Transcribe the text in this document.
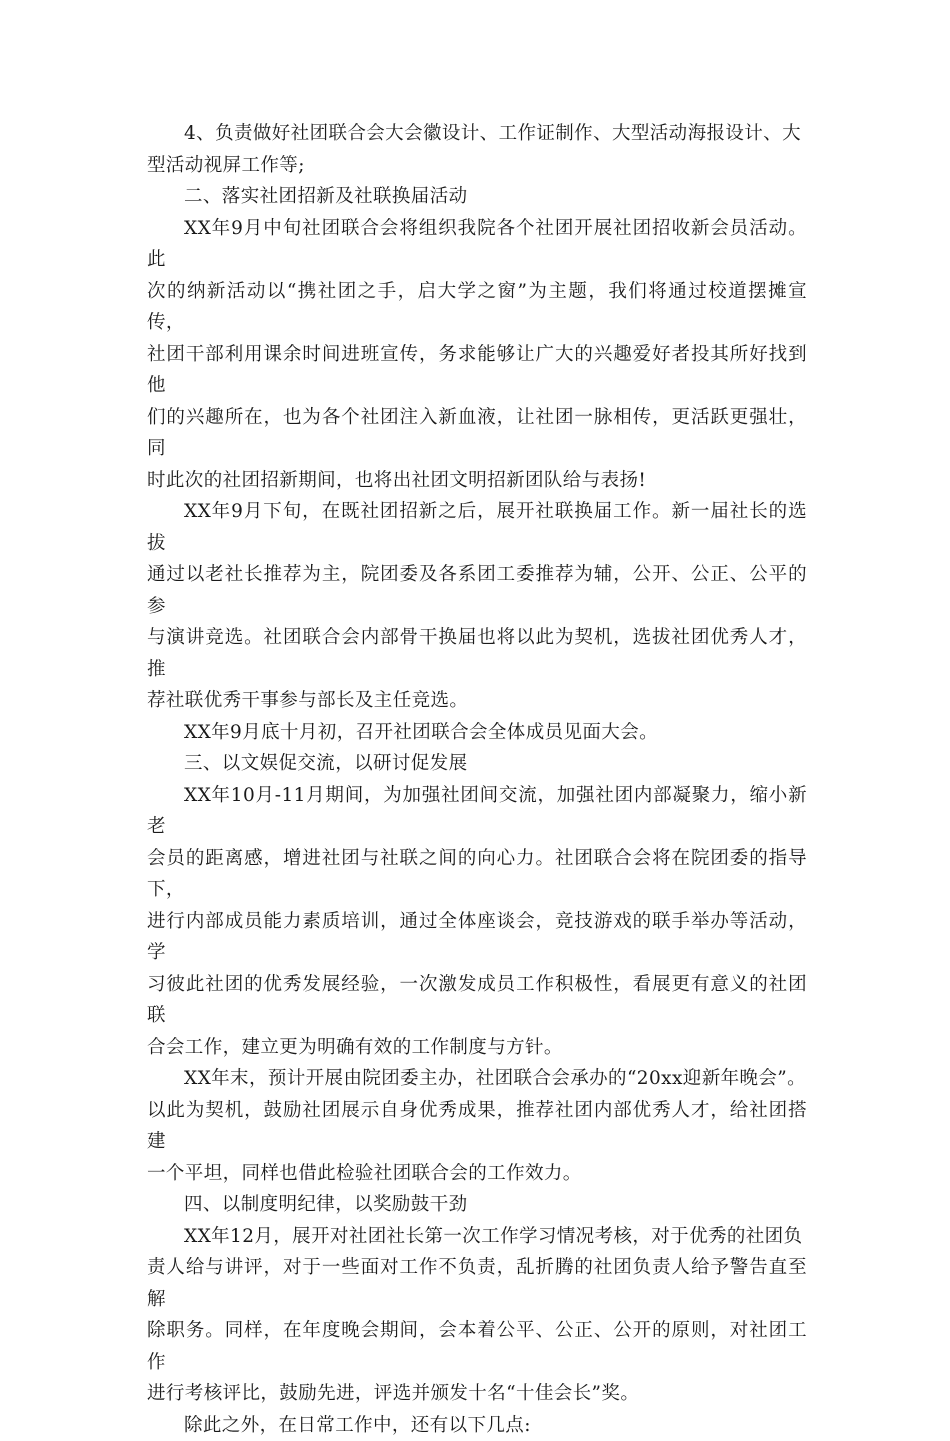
4、负责做好社团联合会大会徽设计、工作证制作、大型活动海报设计、大
型活动视屏工作等;

二、落实社团招新及社联换届活动

XX年9月中旬社团联合会将组织我院各个社团开展社团招收新会员活动。此
次的纳新活动以“携社团之手，启大学之窗”为主题，我们将通过校道摆摊宣传，
社团干部利用课余时间进班宣传，务求能够让广大的兴趣爱好者投其所好找到他
们的兴趣所在，也为各个社团注入新血液，让社团一脉相传，更活跃更强壮，同
时此次的社团招新期间，也将出社团文明招新团队给与表扬!

XX年9月下旬，在既社团招新之后，展开社联换届工作。新一届社长的选拔
通过以老社长推荐为主，院团委及各系团工委推荐为辅，公开、公正、公平的参
与演讲竞选。社团联合会内部骨干换届也将以此为契机，选拔社团优秀人才，推
荐社联优秀干事参与部长及主任竞选。

XX年9月底十月初，召开社团联合会全体成员见面大会。

三、以文娱促交流，以研讨促发展

XX年10月-11月期间，为加强社团间交流，加强社团内部凝聚力，缩小新老
会员的距离感，增进社团与社联之间的向心力。社团联合会将在院团委的指导下，
进行内部成员能力素质培训，通过全体座谈会，竞技游戏的联手举办等活动，学
习彼此社团的优秀发展经验，一次激发成员工作积极性，看展更有意义的社团联
合会工作，建立更为明确有效的工作制度与方针。

XX年末，预计开展由院团委主办，社团联合会承办的“20xx迎新年晚会”。
以此为契机，鼓励社团展示自身优秀成果，推荐社团内部优秀人才，给社团搭建
一个平坦，同样也借此检验社团联合会的工作效力。

四、以制度明纪律，以奖励鼓干劲

XX年12月，展开对社团社长第一次工作学习情况考核，对于优秀的社团负
责人给与讲评，对于一些面对工作不负责，乱折腾的社团负责人给予警告直至解
除职务。同样，在年度晚会期间，会本着公平、公正、公开的原则，对社团工作
进行考核评比，鼓励先进，评选并颁发十名“十佳会长”奖。

除此之外，在日常工作中，还有以下几点:
